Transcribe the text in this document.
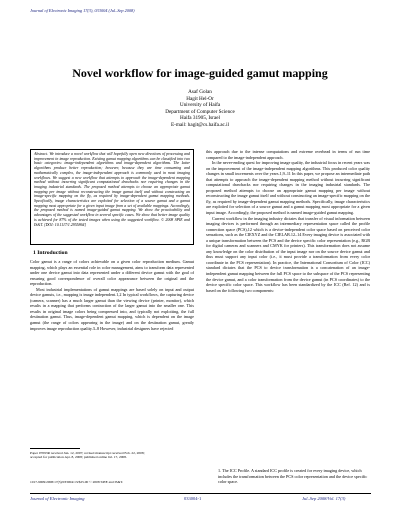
Journal of Electronic Imaging 17(3), 033004 (Jul–Sep 2008)
Novel workflow for image-guided gamut mapping
Asaf Golan
Hagit Hel-Or
University of Haifa
Department of Computer Science
Haifa 31905, Israel
E-mail: hagit@cs.haifa.ac.il
Abstract. We introduce a novel workflow that will hopefully open new directions of processing and improvement in image reproduction. Existing gamut mapping algorithms can be classified into two basic categories: image-independent algorithms and image-dependent algorithms. The latter algorithms produce better reproduction; however, because they are time consuming and mathematically complex, the image-independent approach is commonly used in most imaging workflows. We suggest a new workflow that attempts to approach the image-dependent mapping method without incurring significant computational drawbacks nor requiring changes in the imaging industrial standards. The proposed method attempts to choose an appropriate gamut mapping per image without reconstructing the image gamut itself and without constructing an image-specific mapping on the fly, as required by image-dependent gamut mapping methods. Specifically, image characteristics are exploited for selection of a source gamut and a gamut mapping most appropriate for a given input image from a set of available mappings. Accordingly, the proposed method is named image-guided gamut mapping. We show the practicability and advantages of the suggested workflow in several specific cases. We show that better image quality is achieved for 87% of the tested images when using the suggested workflow. © 2008 SPIE and IS&T. [DOI: 10.1117/1.2955864]
1 Introduction

Color gamut is a range of colors achievable on a given color reproduction medium. Gamut mapping, which plays an essential role in color management, aims to transform data represented under one device gamut into data represented under a different device gamut with the goal of ensuring good correspondence of overall color appearance between the original and the reproduction.

Most industrial implementations of gamut mappings are based solely on input and output device gamuts, i.e., mapping is image independent.1,2 In typical workflows, the capturing device (camera, scanner) has a much larger gamut than the viewing device (printer, monitor), which results in a mapping that performs contraction of the larger gamut into the smaller one. This results in original image colors being compressed into, and typically not exploiting, the full destination gamut. Thus, image-dependent gamut mapping, which is dependent on the image gamut (the range of colors appearing in the image) and on the destination gamut, greatly improves image reproduction quality.3–8 However, industrial designers have rejected

Paper 07093R received Jun. 12, 2007; revised manuscript received Feb. 22, 2008;
accepted for publication Apr. 8, 2008; published online Jul. 17, 2008.
1017-9909/2008/17(3)/033004/13/$25.00 © 2008 SPIE and IS&T.

this approach due to the intense computations and extreme overhead in terms of run time compared to the image-independent approach.

In the never-ending quest for improving image quality, the industrial focus in recent years was on the improvement of the image-independent mapping algorithms. This produced color quality changes in small increments over the years.1,9–11 In this paper, we propose an intermediate path that attempts to approach the image-dependent mapping method without incurring significant computational drawbacks nor requiring changes in the imaging industrial standards. The proposed method attempts to choose an appropriate gamut mapping per image without reconstructing the image gamut itself and without constructing an image-specific mapping on the fly, as required by image-dependent gamut mapping methods. Specifically, image characteristics are exploited for selection of a source gamut and a gamut mapping most appropriate for a given input image. Accordingly, the proposed method is named image-guided gamut mapping.

Current workflow in the imaging industry dictates that transfer of visual information between imaging devices is performed through an intermediary representation space called the profile connection space (PCS),12 which is a device-independent color space based on perceived color sensations, such as the CIEXYZ and the CIELAB.12–14 Every imaging device is associated with a unique transformation between the PCS and the device specific color representation (e.g., RGB for digital cameras and scanners and CMYK for printers). This transformation does not assume any knowledge on the color distribution of the input image nor on the source device gamut and thus must support any input color (i.e., it must provide a transformation from every color coordinate in the PCS representation). In practice, the International Consortium of Color (ICC) standard dictates that the PCS to device transformation is a concatenation of an image-independent gamut mapping between the full PCS space to the subspace of the PCS representing the device gamut, and a color transformation from the device gamut (in PCS coordinates) to the device specific color space. This workflow has been standardized by the ICC (Ref. 12) and is based on the following two components:

1. The ICC Profile. A standard ICC profile is created for every imaging device, which includes the transformation between the PCS color representation and the device specific color space.
Journal of Electronic Imaging	033004-1	Jul–Sep 2008/Vol. 17(3)
